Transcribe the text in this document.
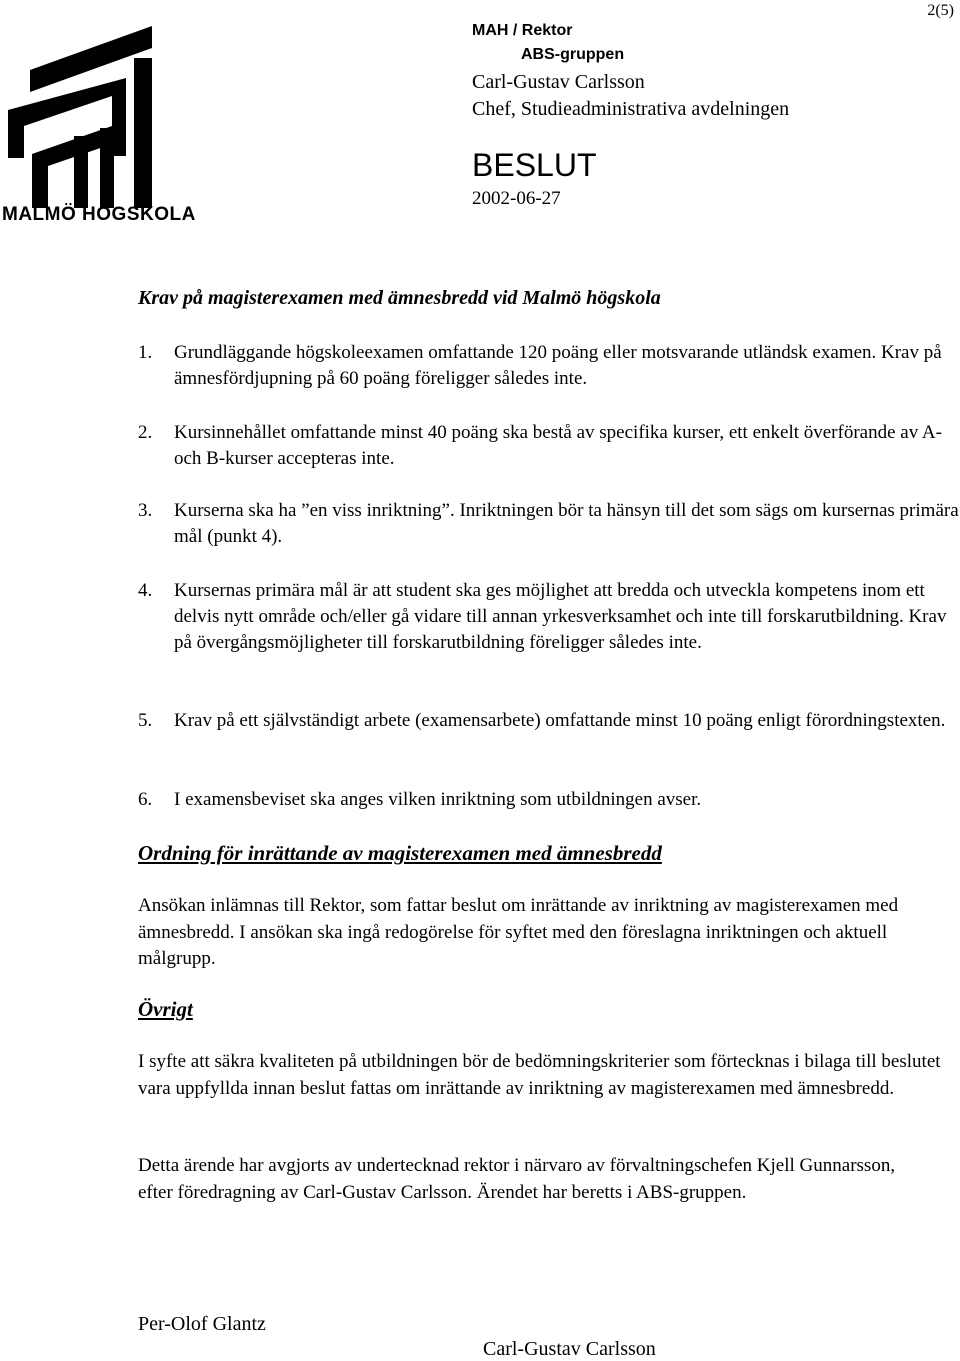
2(5)
MALMÖ HÖGSKOLA
MAH / Rektor
ABS-gruppen
Carl-Gustav Carlsson
Chef, Studieadministrativa avdelningen
BESLUT
2002-06-27
Krav på magisterexamen med ämnesbredd vid Malmö högskola
1.	Grundläggande högskoleexamen omfattande 120 poäng eller motsvarande utländsk examen. Krav på ämnesfördjupning på 60 poäng föreligger således inte.
2.	Kursinnehållet omfattande minst 40 poäng ska bestå av specifika kurser, ett enkelt överförande av A- och B-kurser accepteras inte.
3.	Kurserna ska ha ”en viss inriktning”. Inriktningen bör ta hänsyn till det som sägs om kursernas primära mål (punkt 4).
4.	Kursernas primära mål är att student ska ges möjlighet att bredda och utveckla kompetens inom ett delvis nytt område och/eller gå vidare till annan yrkesverksamhet och inte till forskarutbildning. Krav på övergångsmöjligheter till forskarutbildning föreligger således inte.
5.	Krav på ett självständigt arbete (examensarbete) omfattande minst 10 poäng enligt förordningstexten.
6.	I examensbeviset ska anges vilken inriktning som utbildningen avser.
Ordning för inrättande av magisterexamen med ämnesbredd
Ansökan inlämnas till Rektor, som fattar beslut om inrättande av inriktning av magisterexamen med ämnesbredd. I ansökan ska ingå redogörelse för syftet med den föreslagna inriktningen och aktuell målgrupp.
Övrigt
I syfte att säkra kvaliteten på utbildningen bör de bedömningskriterier som förtecknas i bilaga till beslutet vara uppfyllda innan beslut fattas om inrättande av inriktning av magisterexamen med ämnesbredd.
Detta ärende har avgjorts av undertecknad rektor i närvaro av förvaltningschefen Kjell Gunnarsson, efter föredragning av Carl-Gustav Carlsson. Ärendet har beretts i ABS-gruppen.
Per-Olof Glantz
Carl-Gustav Carlsson
